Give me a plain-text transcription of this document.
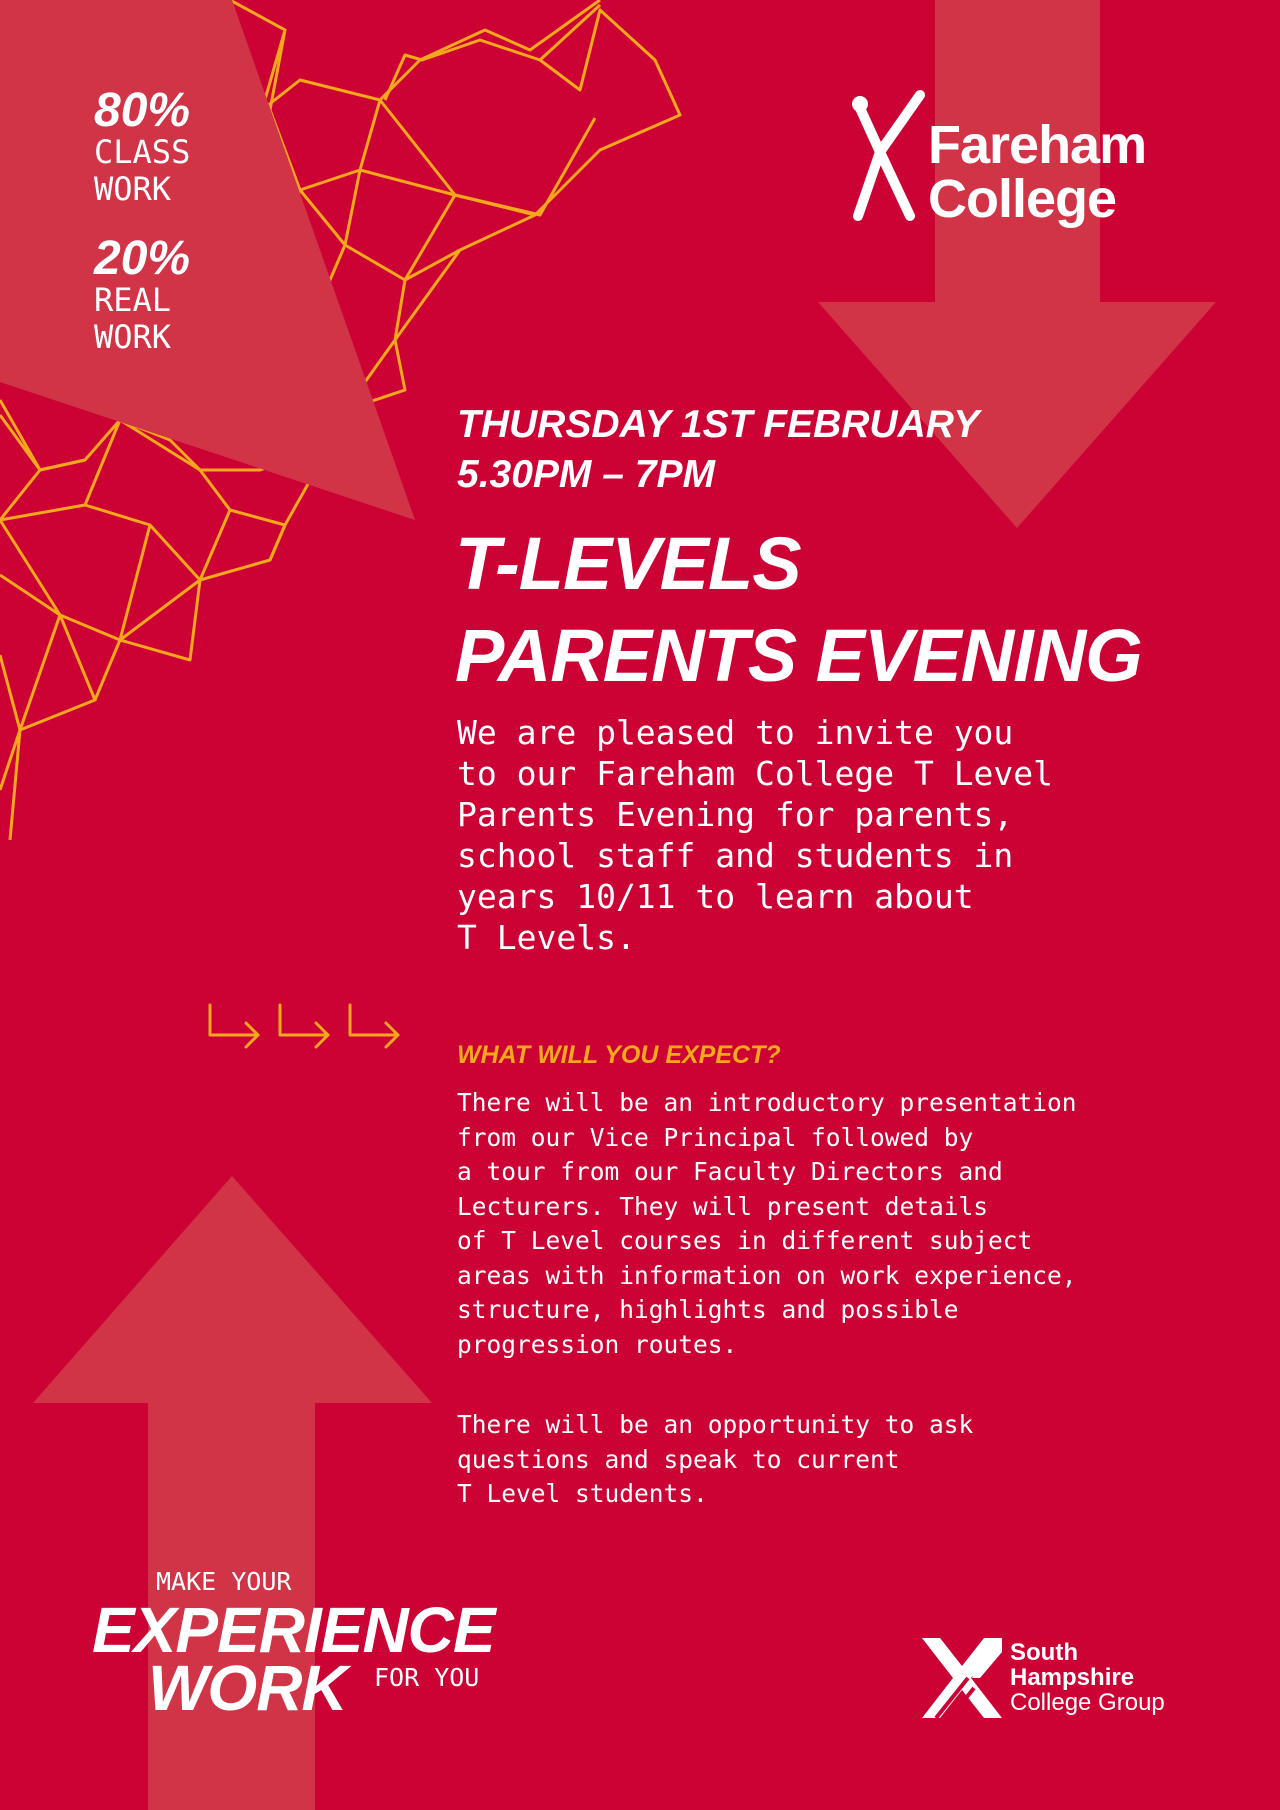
80%
CLASS
WORK
20%
REAL
WORK
Fareham
College
THURSDAY 1ST FEBRUARY
5.30PM – 7PM
T-LEVELS
PARENTS EVENING
We are pleased to invite you
to our Fareham College T Level
Parents Evening for parents,
school staff and students in
years 10/11 to learn about
T Levels.
WHAT WILL YOU EXPECT?
There will be an introductory presentation
from our Vice Principal followed by
a tour from our Faculty Directors and
Lecturers. They will present details
of T Level courses in different subject
areas with information on work experience,
structure, highlights and possible
progression routes.
There will be an opportunity to ask
questions and speak to current
T Level students.
MAKE YOUR
EXPERIENCE
WORK FOR YOU
South
Hampshire
College Group
